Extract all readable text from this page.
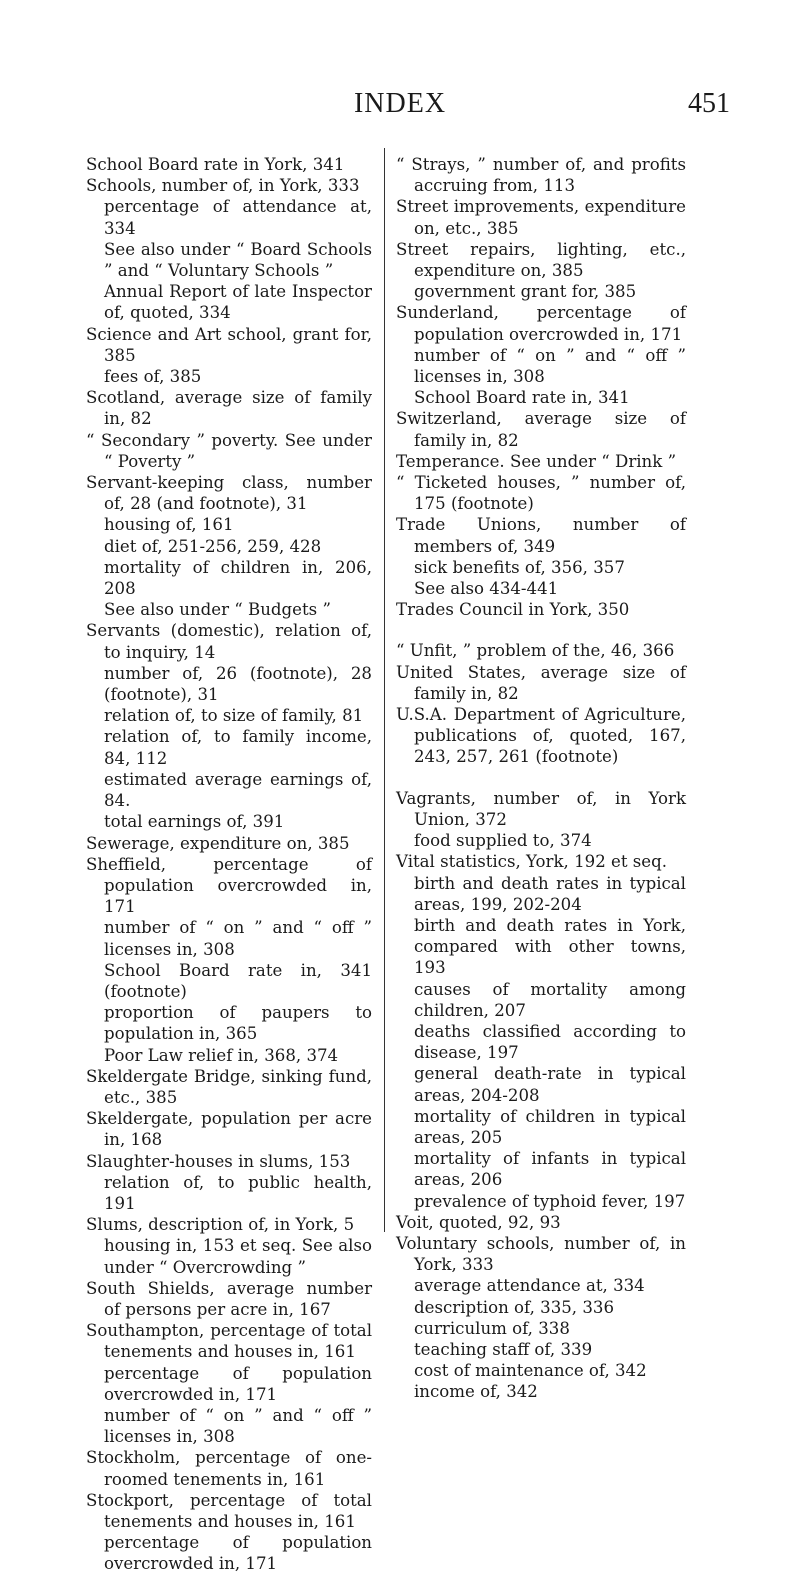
INDEX	451

School Board rate in York, 341

Schools, number of, in York, 333

percentage of attendance at, 334

See also under “ Board Schools ” and “ Voluntary Schools ”

Annual Report of late Inspector of, quoted, 334

Science and Art school, grant for, 385

fees of, 385

Scotland, average size of family in, 82

“ Secondary ” poverty. See under “ Poverty ”

Servant-keeping class, number of, 28 (and footnote), 31

housing of, 161

diet of, 251-256, 259, 428

mortality of children in, 206, 208

See also under “ Budgets ”

Servants (domestic), relation of, to inquiry, 14

number of, 26 (footnote), 28 (footnote), 31

relation of, to size of family, 81

relation of, to family income, 84, 112

estimated average earnings of, 84.

total earnings of, 391

Sewerage, expenditure on, 385

Sheffield, percentage of population overcrowded in, 171

number of “ on ” and “ off ” licenses in, 308

School Board rate in, 341 (footnote)

proportion of paupers to population in, 365

Poor Law relief in, 368, 374

Skeldergate Bridge, sinking fund, etc., 385

Skeldergate, population per acre in, 168

Slaughter-houses in slums, 153

relation of, to public health, 191

Slums, description of, in York, 5

housing in, 153 et seq. See also under “ Overcrowding ”

South Shields, average number of persons per acre in, 167

Southampton, percentage of total tenements and houses in, 161

percentage of population overcrowded in, 171

number of “ on ” and “ off ” licenses in, 308

Stockholm, percentage of one-roomed tenements in, 161

Stockport, percentage of total tenements and houses in, 161

percentage of population overcrowded in, 171

“ Strays, ” number of, and profits accruing from, 113

Street improvements, expenditure on, etc., 385

Street repairs, lighting, etc., expenditure on, 385

government grant for, 385

Sunderland, percentage of population overcrowded in, 171

number of “ on ” and “ off ” licenses in, 308

School Board rate in, 341

Switzerland, average size of family in, 82

Temperance. See under “ Drink ”

“ Ticketed houses, ” number of, 175 (footnote)

Trade Unions, number of members of, 349

sick benefits of, 356, 357

See also 434-441

Trades Council in York, 350

“ Unfit, ” problem of the, 46, 366

United States, average size of family in, 82

U.S.A. Department of Agriculture, publications of, quoted, 167, 243, 257, 261 (footnote)

Vagrants, number of, in York Union, 372

food supplied to, 374

Vital statistics, York, 192 et seq.

birth and death rates in typical areas, 199, 202-204

birth and death rates in York, compared with other towns, 193

causes of mortality among children, 207

deaths classified according to disease, 197

general death-rate in typical areas, 204-208

mortality of children in typical areas, 205

mortality of infants in typical areas, 206

prevalence of typhoid fever, 197

Voit, quoted, 92, 93

Voluntary schools, number of, in York, 333

average attendance at, 334

description of, 335, 336

curriculum of, 338

teaching staff of, 339

cost of maintenance of, 342

income of, 342
